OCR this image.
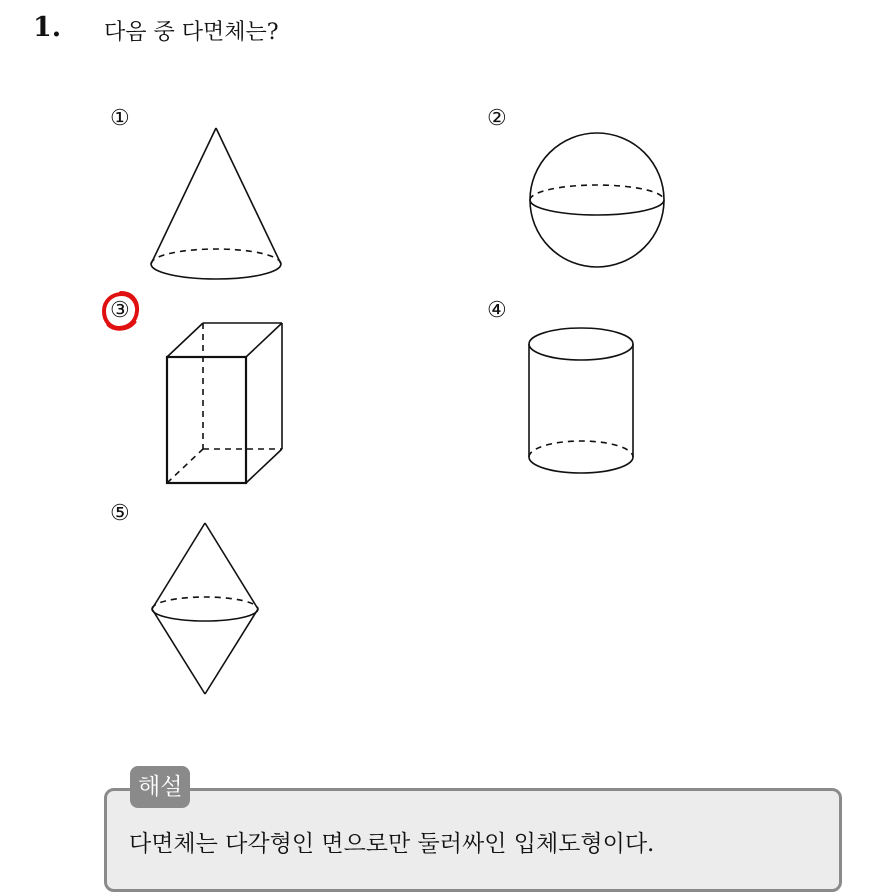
1. 다음 중 다면체는?
①	②
③	④
⑤
해설
다면체는 다각형인 면으로만 둘러싸인 입체도형이다.
